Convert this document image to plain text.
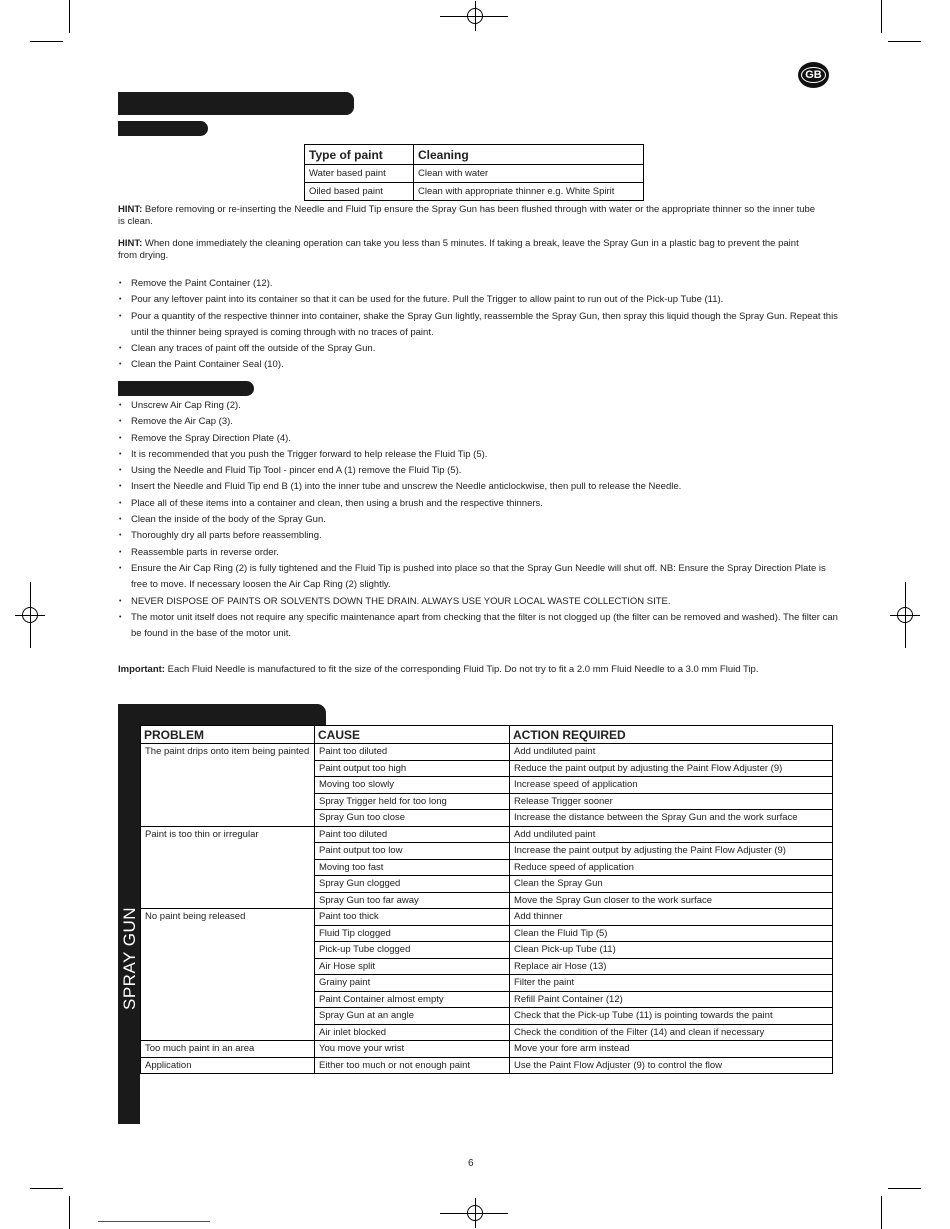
GB
Type of paint	Cleaning
Water based paint	Clean with water
Oiled based paint	Clean with appropriate thinner e.g. White Spirit
HINT: Before removing or re-inserting the Needle and Fluid Tip ensure the Spray Gun has been flushed through with water or the appropriate thinner so the inner tube is clean.
HINT: When done immediately the cleaning operation can take you less than 5 minutes. If taking a break, leave the Spray Gun in a plastic bag to prevent the paint from drying.
• Remove the Paint Container (12).
• Pour any leftover paint into its container so that it can be used for the future. Pull the Trigger to allow paint to run out of the Pick-up Tube (11).
• Pour a quantity of the respective thinner into container, shake the Spray Gun lightly, reassemble the Spray Gun, then spray this liquid though the Spray Gun. Repeat this until the thinner being sprayed is coming through with no traces of paint.
• Clean any traces of paint off the outside of the Spray Gun.
• Clean the Paint Container Seal (10).
• Unscrew Air Cap Ring (2).
• Remove the Air Cap (3).
• Remove the Spray Direction Plate (4).
• It is recommended that you push the Trigger forward to help release the Fluid Tip (5).
• Using the Needle and Fluid Tip Tool - pincer end A (1) remove the Fluid Tip (5).
• Insert the Needle and Fluid Tip end B (1) into the inner tube and unscrew the Needle anticlockwise, then pull to release the Needle.
• Place all of these items into a container and clean, then using a brush and the respective thinners.
• Clean the inside of the body of the Spray Gun.
• Thoroughly dry all parts before reassembling.
• Reassemble parts in reverse order.
• Ensure the Air Cap Ring (2) is fully tightened and the Fluid Tip is pushed into place so that the Spray Gun Needle will shut off. NB: Ensure the Spray Direction Plate is free to move. If necessary loosen the Air Cap Ring (2) slightly.
• NEVER DISPOSE OF PAINTS OR SOLVENTS DOWN THE DRAIN. ALWAYS USE YOUR LOCAL WASTE COLLECTION SITE.
• The motor unit itself does not require any specific maintenance apart from checking that the filter is not clogged up (the filter can be removed and washed). The filter can be found in the base of the motor unit.
Important: Each Fluid Needle is manufactured to fit the size of the corresponding Fluid Tip. Do not try to fit a 2.0 mm Fluid Needle to a 3.0 mm Fluid Tip.
SPRAY GUN
PROBLEM	CAUSE	ACTION REQUIRED
The paint drips onto item being painted	Paint too diluted	Add undiluted paint
	Paint output too high	Reduce the paint output by adjusting the Paint Flow Adjuster (9)
	Moving too slowly	Increase speed of application
	Spray Trigger held for too long	Release Trigger sooner
	Spray Gun too close	Increase the distance between the Spray Gun and the work surface
Paint is too thin or irregular	Paint too diluted	Add undiluted paint
	Paint output too low	Increase the paint output by adjusting the Paint Flow Adjuster (9)
	Moving too fast	Reduce speed of application
	Spray Gun clogged	Clean the Spray Gun
	Spray Gun too far away	Move the Spray Gun closer to the work surface
No paint being released	Paint too thick	Add thinner
	Fluid Tip clogged	Clean the Fluid Tip (5)
	Pick-up Tube clogged	Clean Pick-up Tube (11)
	Air Hose split	Replace air Hose (13)
	Grainy paint	Filter the paint
	Paint Container almost empty	Refill Paint Container (12)
	Spray Gun at an angle	Check that the Pick-up Tube (11) is pointing towards the paint
	Air inlet blocked	Check the condition of the Filter (14) and clean if necessary
Too much paint in an area	You move your wrist	Move your fore arm instead
Application	Either too much or not enough paint	Use the Paint Flow Adjuster (9) to control the flow
6
